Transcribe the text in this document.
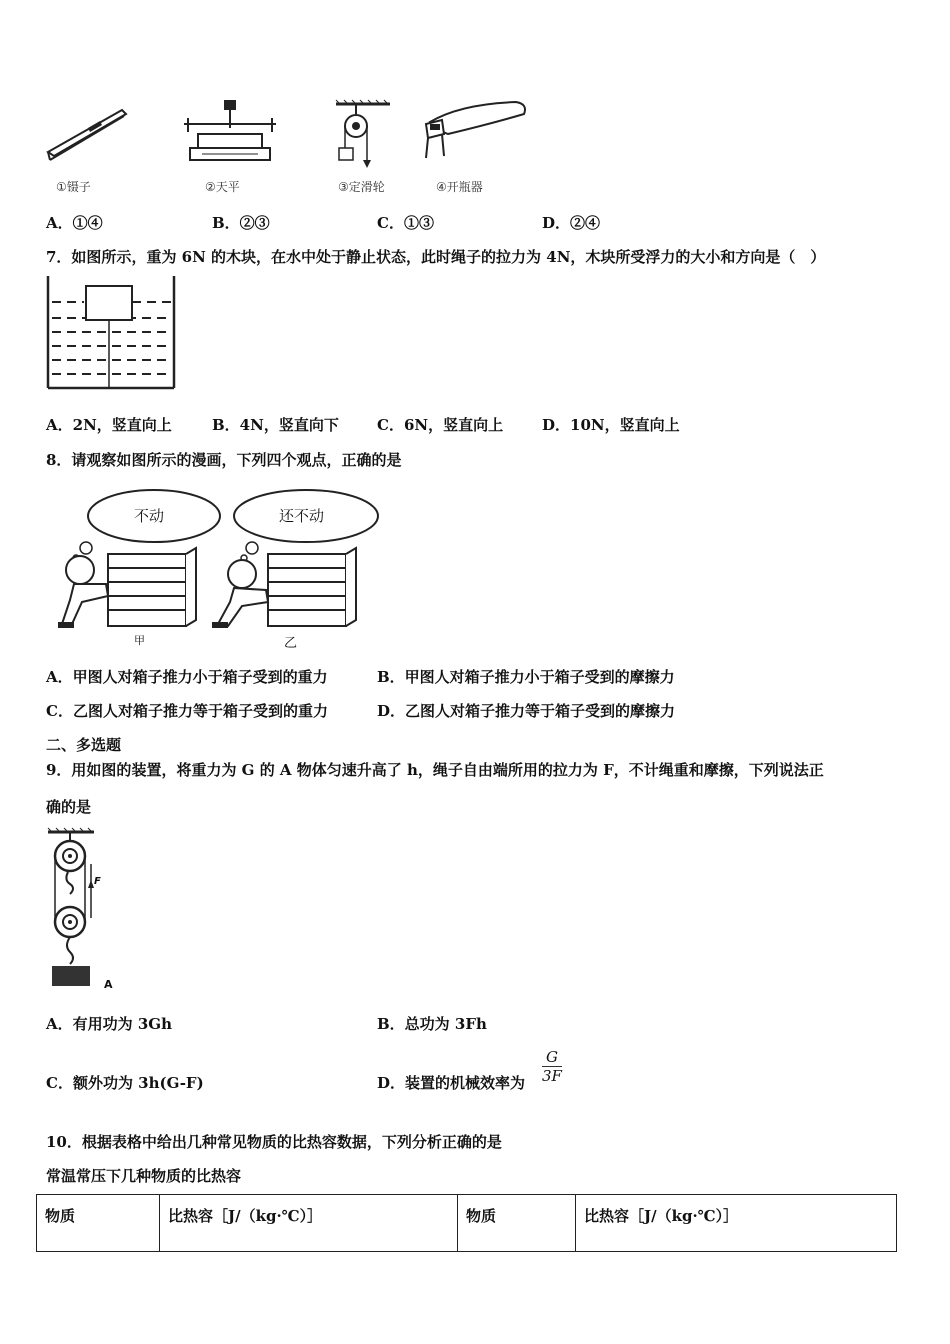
①镊子	②天平	③定滑轮	④开瓶器
A．①④	B．②③	C．①③	D．②④
7．如图所示，重为 6N 的木块，在水中处于静止状态，此时绳子的拉力为 4N，木块所受浮力的大小和方向是（　）
A．2N，竖直向上	B．4N，竖直向下	C．6N，竖直向上	D．10N，竖直向上
8．请观察如图所示的漫画，下列四个观点，正确的是
不动	还不动
甲	乙
A．甲图人对箱子推力小于箱子受到的重力	B．甲图人对箱子推力小于箱子受到的摩擦力
C．乙图人对箱子推力等于箱子受到的重力	D．乙图人对箱子推力等于箱子受到的摩擦力
二、多选题
9．用如图的装置，将重力为 G 的 A 物体匀速升高了 h，绳子自由端所用的拉力为 F，不计绳重和摩擦，下列说法正
确的是
F
A
A．有用功为 3Gh	B．总功为 3Fh
C．额外功为 3h(G-F)	D．装置的机械效率为 $\frac{G}{3F}$
10．根据表格中给出几种常见物质的比热容数据，下列分析正确的是
常温常压下几种物质的比热容
物质	比热容［J/（kg·℃）］	物质	比热容［J/（kg·℃）］
